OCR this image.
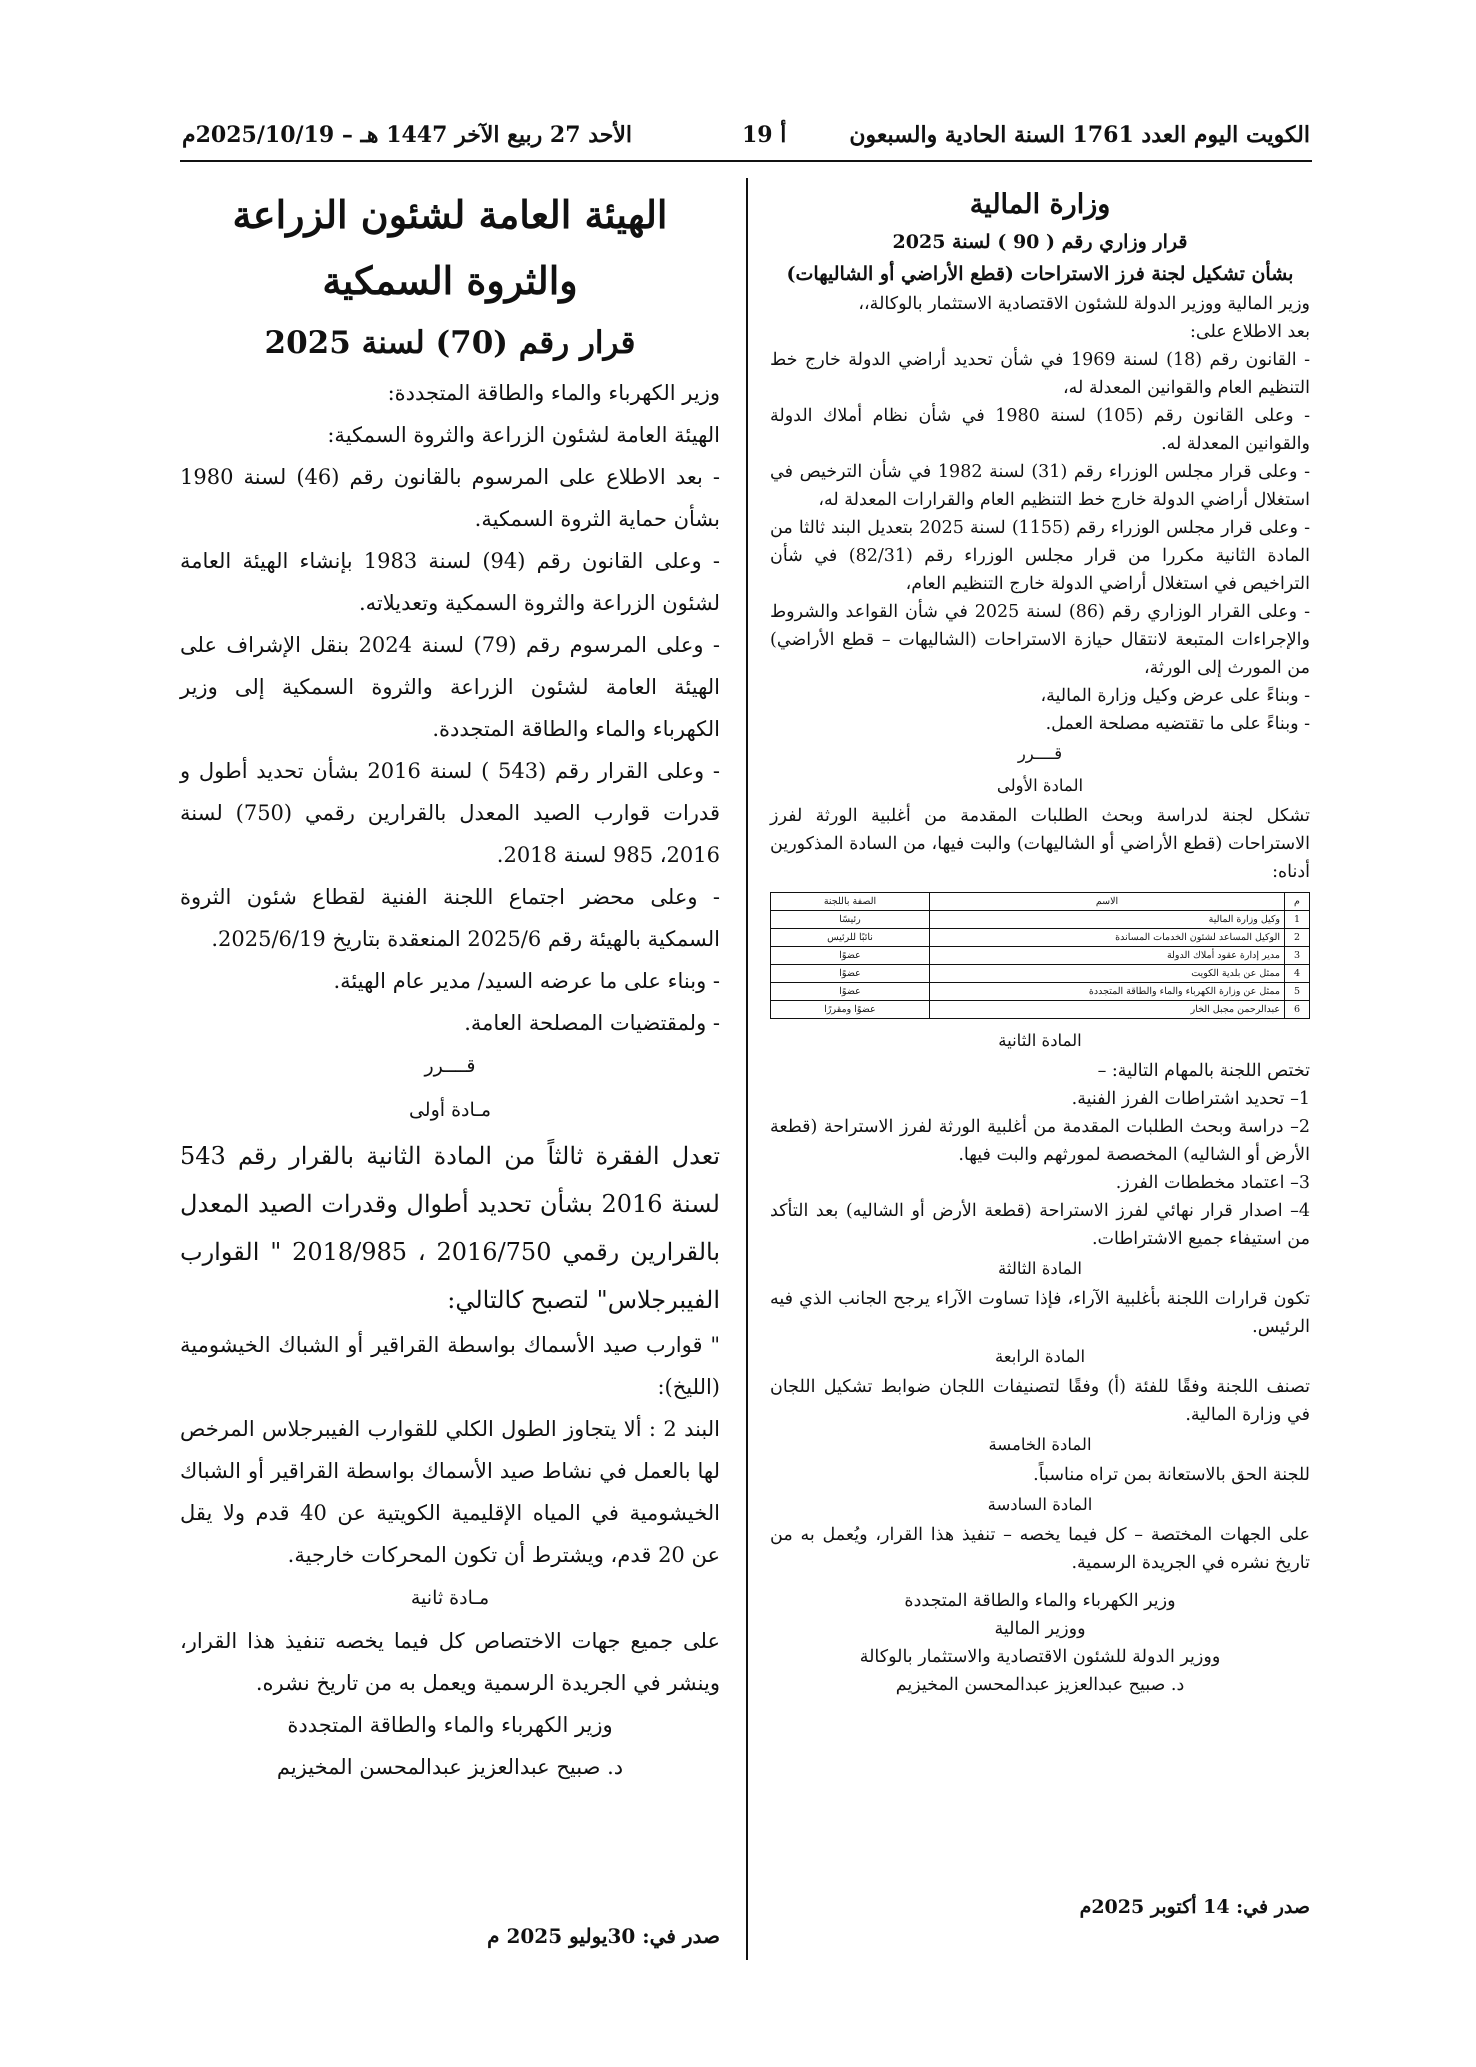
الكويت اليوم العدد 1761 السنة الحادية والسبعون
أ 19
الأحد 27 ربيع الآخر 1447 هـ – 2025/10/19م

وزارة المالية

قرار وزاري رقم ( 90 ) لسنة 2025

بشأن تشكيل لجنة فرز الاستراحات (قطع الأراضي أو الشاليهات)

وزير المالية ووزير الدولة للشئون الاقتصادية الاستثمار بالوكالة،،

بعد الاطلاع على:

- القانون رقم (18) لسنة 1969 في شأن تحديد أراضي الدولة خارج خط التنظيم العام والقوانين المعدلة له،

- وعلى القانون رقم (105) لسنة 1980 في شأن نظام أملاك الدولة والقوانين المعدلة له.

- وعلى قرار مجلس الوزراء رقم (31) لسنة 1982 في شأن الترخيص في استغلال أراضي الدولة خارج خط التنظيم العام والقرارات المعدلة له،

- وعلى قرار مجلس الوزراء رقم (1155) لسنة 2025 بتعديل البند ثالثا من المادة الثانية مكررا من قرار مجلس الوزراء رقم (82/31) في شأن التراخيص في استغلال أراضي الدولة خارج التنظيم العام،

- وعلى القرار الوزاري رقم (86) لسنة 2025 في شأن القواعد والشروط والإجراءات المتبعة لانتقال حيازة الاستراحات (الشاليهات – قطع الأراضي) من المورث إلى الورثة،

- وبناءً على عرض وكيل وزارة المالية،

- وبناءً على ما تقتضيه مصلحة العمل.

قــــرر

المادة الأولى

تشكل لجنة لدراسة وبحث الطلبات المقدمة من أغلبية الورثة لفرز الاستراحات (قطع الأراضي أو الشاليهات) والبت فيها، من السادة المذكورين أدناه:

م	الاسم	الصفة باللجنة
1	وكيل وزارة المالية	رئيسًا
2	الوكيل المساعد لشئون الخدمات المساندة	نائبًا للرئيس
3	مدير إدارة عقود أملاك الدولة	عضوًا
4	ممثل عن بلدية الكويت	عضوًا
5	ممثل عن وزارة الكهرباء والماء والطاقة المتجددة	عضوًا
6	عبدالرحمن مجبل الخار	عضوًا ومقررًا

المادة الثانية

تختص اللجنة بالمهام التالية: –

1– تحديد اشتراطات الفرز الفنية.

2– دراسة وبحث الطلبات المقدمة من أغلبية الورثة لفرز الاستراحة (قطعة الأرض أو الشاليه) المخصصة لمورثهم والبت فيها.

3– اعتماد مخططات الفرز.

4– اصدار قرار نهائي لفرز الاستراحة (قطعة الأرض أو الشاليه) بعد التأكد من استيفاء جميع الاشتراطات.

المادة الثالثة

تكون قرارات اللجنة بأغلبية الآراء، فإذا تساوت الآراء يرجح الجانب الذي فيه الرئيس.

المادة الرابعة

تصنف اللجنة وفقًا للفئة (أ) وفقًا لتصنيفات اللجان ضوابط تشكيل اللجان في وزارة المالية.

المادة الخامسة

للجنة الحق بالاستعانة بمن تراه مناسباً.

المادة السادسة

على الجهات المختصة – كل فيما يخصه – تنفيذ هذا القرار، ويُعمل به من تاريخ نشره في الجريدة الرسمية.

وزير الكهرباء والماء والطاقة المتجددة

ووزير المالية

ووزير الدولة للشئون الاقتصادية والاستثمار بالوكالة

د. صبيح عبدالعزيز عبدالمحسن المخيزيم

صدر في: 14 أكتوبر 2025م

الهيئة العامة لشئون الزراعة والثروة السمكية

قرار رقم (70) لسنة 2025

وزير الكهرباء والماء والطاقة المتجددة:

الهيئة العامة لشئون الزراعة والثروة السمكية:

- بعد الاطلاع على المرسوم بالقانون رقم (46) لسنة 1980 بشأن حماية الثروة السمكية.

- وعلى القانون رقم (94) لسنة 1983 بإنشاء الهيئة العامة لشئون الزراعة والثروة السمكية وتعديلاته.

- وعلى المرسوم رقم (79) لسنة 2024 بنقل الإشراف على الهيئة العامة لشئون الزراعة والثروة السمكية إلى وزير الكهرباء والماء والطاقة المتجددة.

- وعلى القرار رقم (543 ) لسنة 2016 بشأن تحديد أطول و قدرات قوارب الصيد المعدل بالقرارين رقمي (750) لسنة 2016، 985 لسنة 2018.

- وعلى محضر اجتماع اللجنة الفنية لقطاع شئون الثروة السمكية بالهيئة رقم 2025/6 المنعقدة بتاريخ 2025/6/19.

- وبناء على ما عرضه السيد/ مدير عام الهيئة.

- ولمقتضيات المصلحة العامة.

قــــرر

مـادة أولى

تعدل الفقرة ثالثاً من المادة الثانية بالقرار رقم 543 لسنة 2016 بشأن تحديد أطوال وقدرات الصيد المعدل بالقرارين رقمي 2016/750 ، 2018/985 " القوارب الفيبرجلاس" لتصبح كالتالي:

" قوارب صيد الأسماك بواسطة القراقير أو الشباك الخيشومية (الليخ):

البند 2 : ألا يتجاوز الطول الكلي للقوارب الفيبرجلاس المرخص لها بالعمل في نشاط صيد الأسماك بواسطة القراقير أو الشباك الخيشومية في المياه الإقليمية الكويتية عن 40 قدم ولا يقل عن 20 قدم، ويشترط أن تكون المحركات خارجية.

مـادة ثانية

على جميع جهات الاختصاص كل فيما يخصه تنفيذ هذا القرار، وينشر في الجريدة الرسمية ويعمل به من تاريخ نشره.

وزير الكهرباء والماء والطاقة المتجددة

د. صبيح عبدالعزيز عبدالمحسن المخيزيم

صدر في: 30يوليو 2025 م
